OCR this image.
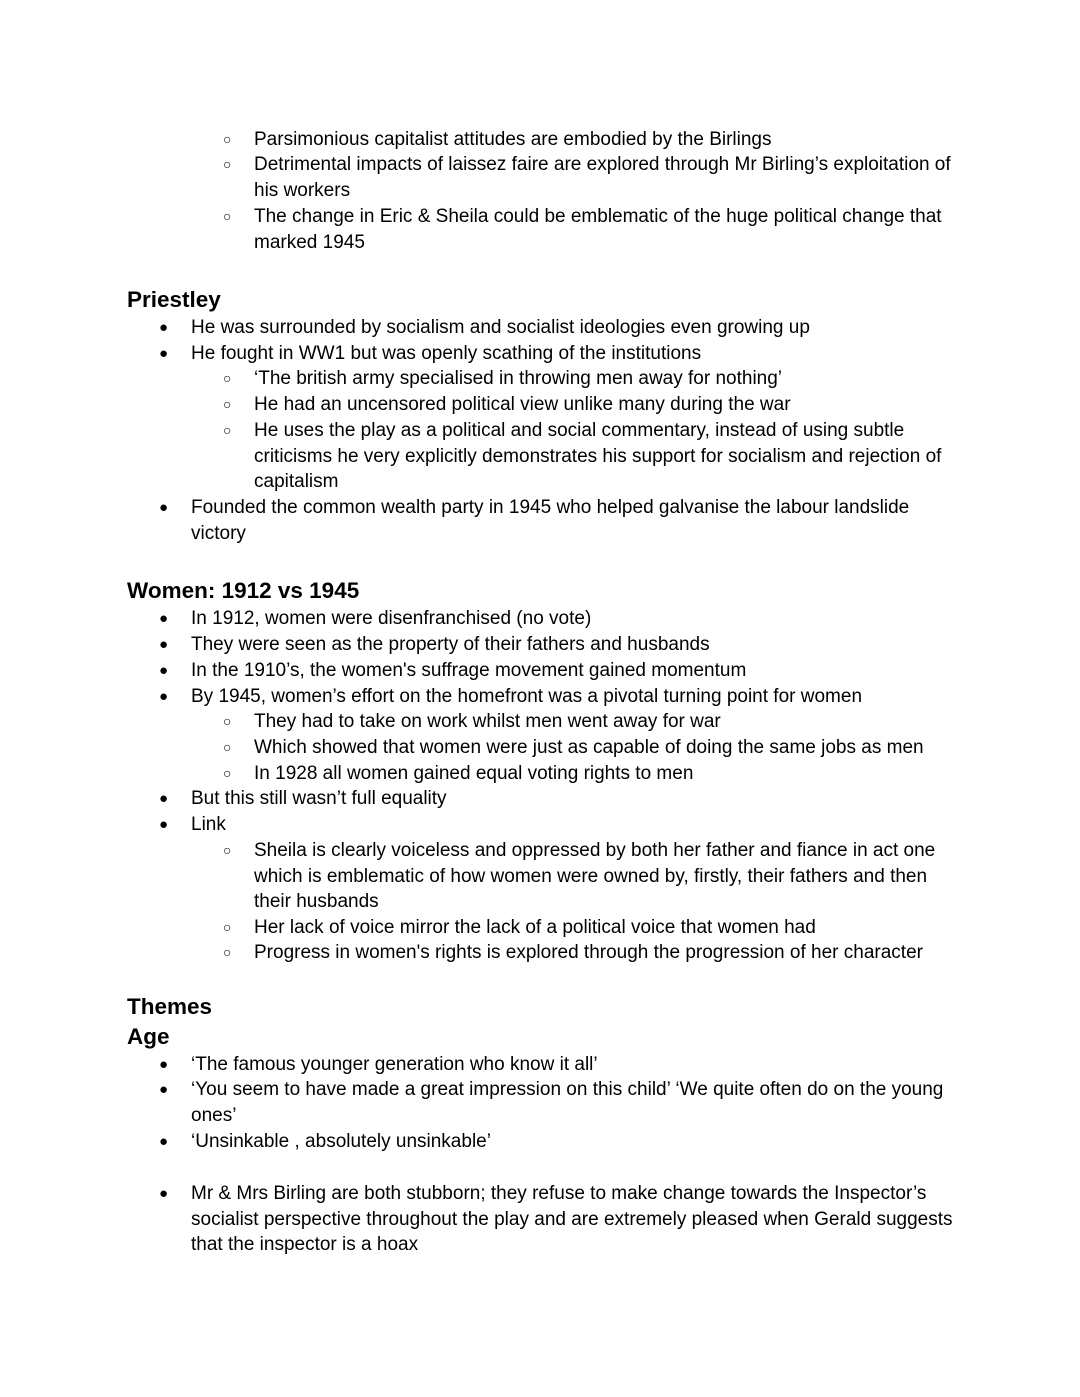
○ Parsimonious capitalist attitudes are embodied by the Birlings
○ Detrimental impacts of laissez faire are explored through Mr Birling’s exploitation of his workers
○ The change in Eric & Sheila could be emblematic of the huge political change that marked 1945
Priestley
● He was surrounded by socialism and socialist ideologies even growing up
● He fought in WW1 but was openly scathing of the institutions
○ ‘The british army specialised in throwing men away for nothing’
○ He had an uncensored political view unlike many during the war
○ He uses the play as a political and social commentary, instead of using subtle criticisms he very explicitly demonstrates his support for socialism and rejection of capitalism
● Founded the common wealth party in 1945 who helped galvanise the labour landslide victory
Women: 1912 vs 1945
● In 1912, women were disenfranchised (no vote)
● They were seen as the property of their fathers and husbands
● In the 1910’s, the women's suffrage movement gained momentum
● By 1945, women’s effort on the homefront was a pivotal turning point for women
○ They had to take on work whilst men went away for war
○ Which showed that women were just as capable of doing the same jobs as men
○ In 1928 all women gained equal voting rights to men
● But this still wasn’t full equality
● Link
○ Sheila is clearly voiceless and oppressed by both her father and fiance in act one which is emblematic of how women were owned by, firstly, their fathers and then their husbands
○ Her lack of voice mirror the lack of a political voice that women had
○ Progress in women's rights is explored through the progression of her character
Themes
Age
● ‘The famous younger generation who know it all’
● ‘You seem to have made a great impression on this child’ ‘We quite often do on the young ones’
● ‘Unsinkable , absolutely unsinkable’
● Mr & Mrs Birling are both stubborn; they refuse to make change towards the Inspector’s socialist perspective throughout the play and are extremely pleased when Gerald suggests that the inspector is a hoax
